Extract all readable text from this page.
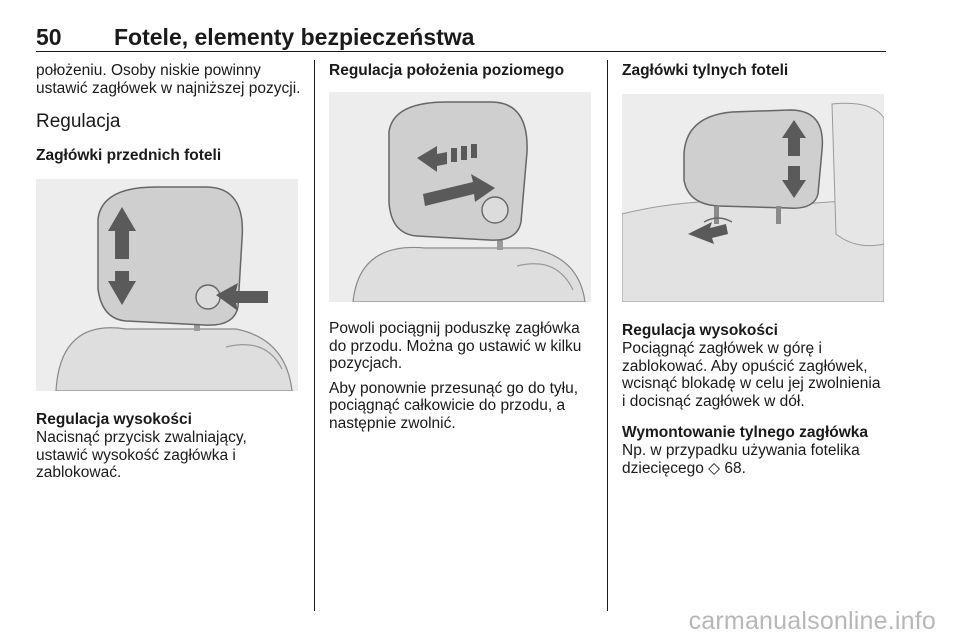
50 Fotele, elementy bezpieczeństwa

położeniu. Osoby niskie powinny ustawić zagłówek w najniższej pozycji.

Regulacja
Zagłówki przednich foteli
Regulacja wysokości

Nacisnąć przycisk zwalniający, ustawić wysokość zagłówka i zablokować.

Regulacja położenia poziomego

Powoli pociągnij poduszkę zagłówka do przodu. Można go ustawić w kilku pozycjach.

Aby ponownie przesunąć go do tyłu, pociągnąć całkowicie do przodu, a następnie zwolnić.

Zagłówki tylnych foteli
Regulacja wysokości

Pociągnąć zagłówek w górę i zablokować. Aby opuścić zagłówek, wcisnąć blokadę w celu jej zwolnienia i docisnąć zagłówek w dół.

Wymontowanie tylnego zagłówka

Np. w przypadku używania fotelika dziecięcego ◇ 68.

carmanualsonline.info
